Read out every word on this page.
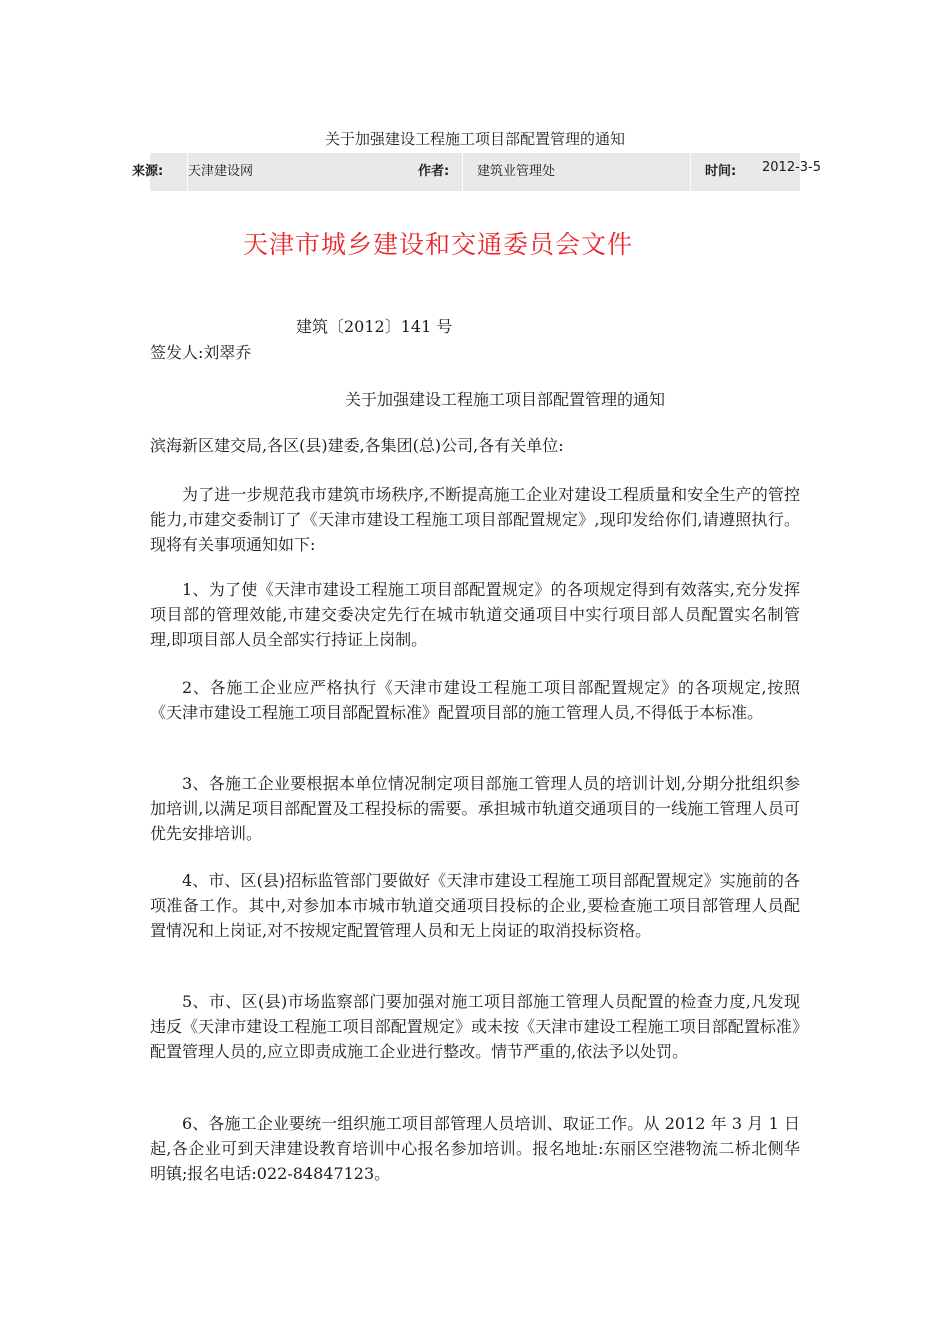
关于加强建设工程施工项目部配置管理的通知
来源: 天津建设网	作者: 建筑业管理处	时间: 2012-3-5
天津市城乡建设和交通委员会文件
建筑〔2012〕141 号
签发人:刘翠乔
关于加强建设工程施工项目部配置管理的通知
滨海新区建交局,各区(县)建委,各集团(总)公司,各有关单位:

为了进一步规范我市建筑市场秩序,不断提高施工企业对建设工程质量和安全生产的管控能力,市建交委制订了《天津市建设工程施工项目部配置规定》,现印发给你们,请遵照执行。现将有关事项通知如下:

1、为了使《天津市建设工程施工项目部配置规定》的各项规定得到有效落实,充分发挥项目部的管理效能,市建交委决定先行在城市轨道交通项目中实行项目部人员配置实名制管理,即项目部人员全部实行持证上岗制。

2、各施工企业应严格执行《天津市建设工程施工项目部配置规定》的各项规定,按照《天津市建设工程施工项目部配置标准》配置项目部的施工管理人员,不得低于本标准。

3、各施工企业要根据本单位情况制定项目部施工管理人员的培训计划,分期分批组织参加培训,以满足项目部配置及工程投标的需要。承担城市轨道交通项目的一线施工管理人员可优先安排培训。

4、市、区(县)招标监管部门要做好《天津市建设工程施工项目部配置规定》实施前的各项准备工作。其中,对参加本市城市轨道交通项目投标的企业,要检查施工项目部管理人员配置情况和上岗证,对不按规定配置管理人员和无上岗证的取消投标资格。

5、市、区(县)市场监察部门要加强对施工项目部施工管理人员配置的检查力度,凡发现违反《天津市建设工程施工项目部配置规定》或未按《天津市建设工程施工项目部配置标准》配置管理人员的,应立即责成施工企业进行整改。情节严重的,依法予以处罚。

6、各施工企业要统一组织施工项目部管理人员培训、取证工作。从 2012 年 3 月 1 日起,各企业可到天津建设教育培训中心报名参加培训。报名地址:东丽区空港物流二桥北侧华明镇;报名电话:022-84847123。
